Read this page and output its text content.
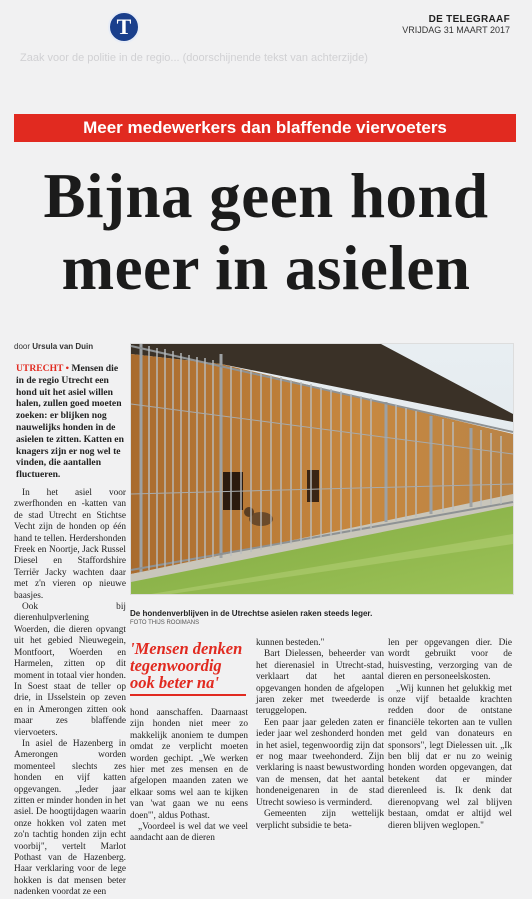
T	DE TELEGRAAF
VRIJDAG 31 MAART 2017
Zaak voor de politie in de regio... (doorschijnende tekst van achterzijde)
Meer medewerkers dan blaffende viervoeters
Bijna geen hond
meer in asielen
door Ursula van Duin
UTRECHT • Mensen die in de regio Utrecht een hond uit het asiel willen halen, zullen goed moeten zoeken: er blijken nog nauwelijks honden in de asielen te zitten. Katten en knagers zijn er nog wel te vinden, die aantallen fluctueren.
De hondenverblijven in de Utrechtse asielen raken steeds leger.
FOTO THIJS ROOIMANS

In het asiel voor zwerfhonden en -katten van de stad Utrecht en Stichtse Vecht zijn de honden op één hand te tellen. Herdershonden Freek en Noortje, Jack Russel Diesel en Staffordshire Terriër Jacky wachten daar met z'n vieren op nieuwe baasjes.

Ook bij dierenhulpverlening Woerden, die dieren opvangt uit het gebied Nieuwegein, Montfoort, Woerden en Harmelen, zitten op dit moment in totaal vier honden. In Soest staat de teller op drie, in IJsselstein op zeven en in Amerongen zitten ook maar zes blaffende viervoeters.

In asiel de Hazenberg in Amerongen worden momenteel slechts zes honden en vijf katten opgevangen. „Ieder jaar zitten er minder honden in het asiel. De hoogtijdagen waarin onze hokken vol zaten met zo'n tachtig honden zijn echt voorbij", vertelt Marlot Pothast van de Hazenberg. Haar verklaring voor de lege hokken is dat mensen beter nadenken voordat ze een

'Mensen denken tegenwoordig ook beter na'

hond aanschaffen. Daarnaast zijn honden niet meer zo makkelijk anoniem te dumpen omdat ze verplicht moeten worden gechipt. „We werken hier met zes mensen en de afgelopen maanden zaten we elkaar soms wel aan te kijken van 'wat gaan we nu eens doen'", aldus Pothast.

„Voordeel is wel dat we veel aandacht aan de dieren

kunnen besteden."

Bart Dielessen, beheerder van het dierenasiel in Utrecht-stad, verklaart dat het aantal opgevangen honden de afgelopen jaren zeker met tweederde is teruggelopen.

Een paar jaar geleden zaten er ieder jaar wel zeshonderd honden in het asiel, tegenwoordig zijn dat er nog maar tweehonderd. Zijn verklaring is naast bewustwording van de mensen, dat het aantal hondeneigenaren in de stad Utrecht sowieso is verminderd.

Gemeenten zijn wettelijk verplicht subsidie te beta-

len per opgevangen dier. Die wordt gebruikt voor de huisvesting, verzorging van de dieren en personeelskosten.

„Wij kunnen het gelukkig met onze vijf betaalde krachten redden door de ontstane financiële tekorten aan te vullen met geld van donateurs en sponsors", legt Dielessen uit. „Ik ben blij dat er nu zo weinig honden worden opgevangen, dat betekent dat er minder dierenleed is. Ik denk dat dierenopvang wel zal blijven bestaan, omdat er altijd wel dieren blijven weglopen."
